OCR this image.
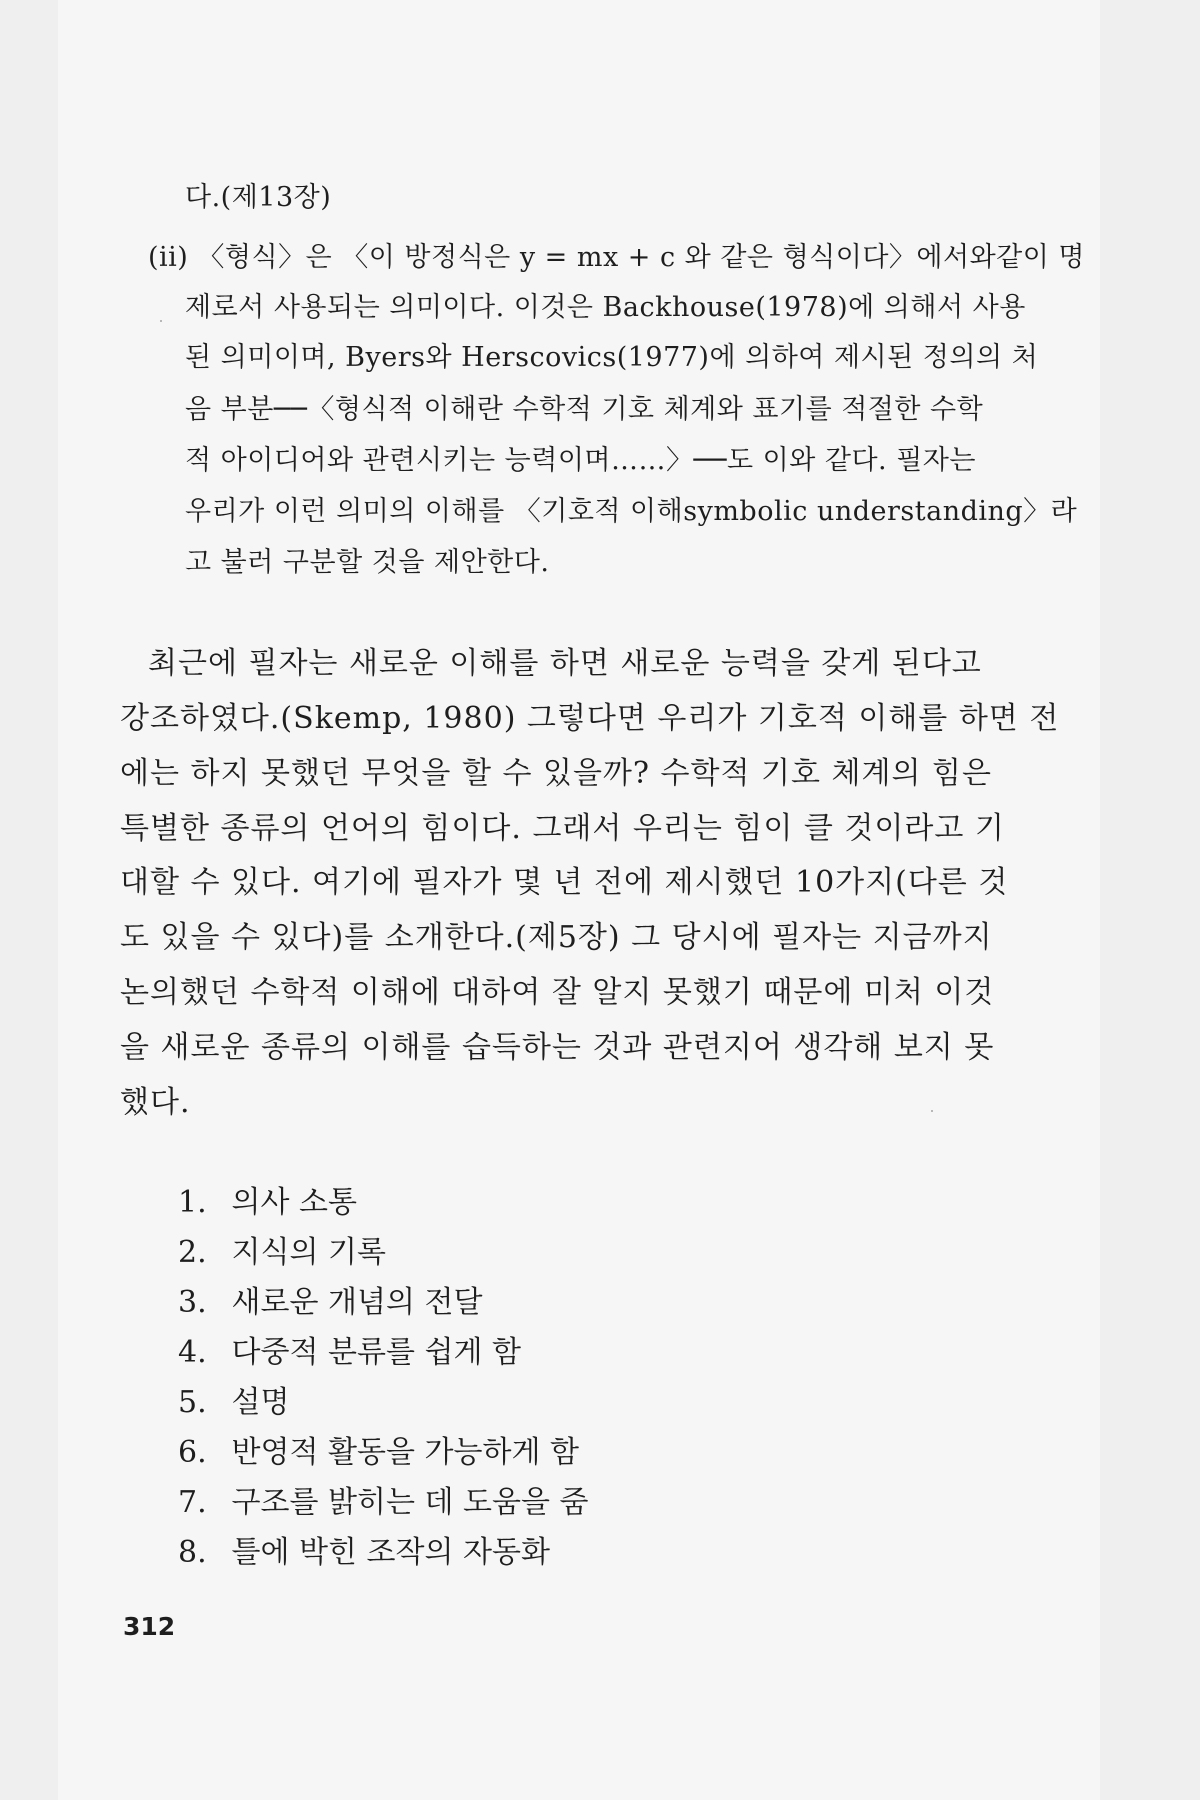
다.(제13장)
(ii) 〈형식〉은 〈이 방정식은 y = mx + c 와 같은 형식이다〉에서와같이 명
제로서 사용되는 의미이다. 이것은 Backhouse(1978)에 의해서 사용
된 의미이며, Byers와 Herscovics(1977)에 의하여 제시된 정의의 처
음 부분──〈형식적 이해란 수학적 기호 체계와 표기를 적절한 수학
적 아이디어와 관련시키는 능력이며……〉──도 이와 같다. 필자는
우리가 이런 의미의 이해를 〈기호적 이해symbolic understanding〉라
고 불러 구분할 것을 제안한다.
최근에 필자는 새로운 이해를 하면 새로운 능력을 갖게 된다고
강조하였다.(Skemp, 1980) 그렇다면 우리가 기호적 이해를 하면 전
에는 하지 못했던 무엇을 할 수 있을까? 수학적 기호 체계의 힘은
특별한 종류의 언어의 힘이다. 그래서 우리는 힘이 클 것이라고 기
대할 수 있다. 여기에 필자가 몇 년 전에 제시했던 10가지(다른 것
도 있을 수 있다)를 소개한다.(제5장) 그 당시에 필자는 지금까지
논의했던 수학적 이해에 대하여 잘 알지 못했기 때문에 미처 이것
을 새로운 종류의 이해를 습득하는 것과 관련지어 생각해 보지 못
했다.
1. 의사 소통
2. 지식의 기록
3. 새로운 개념의 전달
4. 다중적 분류를 쉽게 함
5. 설명
6. 반영적 활동을 가능하게 함
7. 구조를 밝히는 데 도움을 줌
8. 틀에 박힌 조작의 자동화
312
